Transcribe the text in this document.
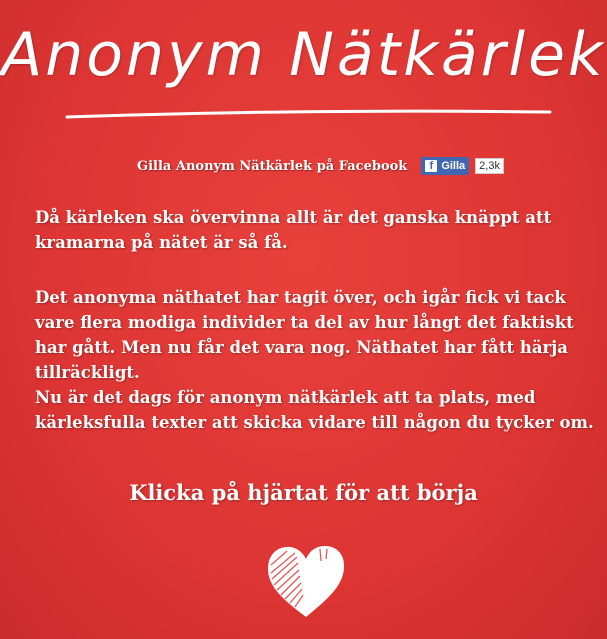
Anonym Nätkärlek
Gilla Anonym Nätkärlek på Facebook	f Gilla	2,3k
Då kärleken ska övervinna allt är det ganska knäppt att kramarna på nätet är så få.
Det anonyma näthatet har tagit över, och igår fick vi tack vare flera modiga individer ta del av hur långt det faktiskt har gått. Men nu får det vara nog. Näthatet har fått härja tillräckligt.
Nu är det dags för anonym nätkärlek att ta plats, med kärleksfulla texter att skicka vidare till någon du tycker om.
Klicka på hjärtat för att börja
